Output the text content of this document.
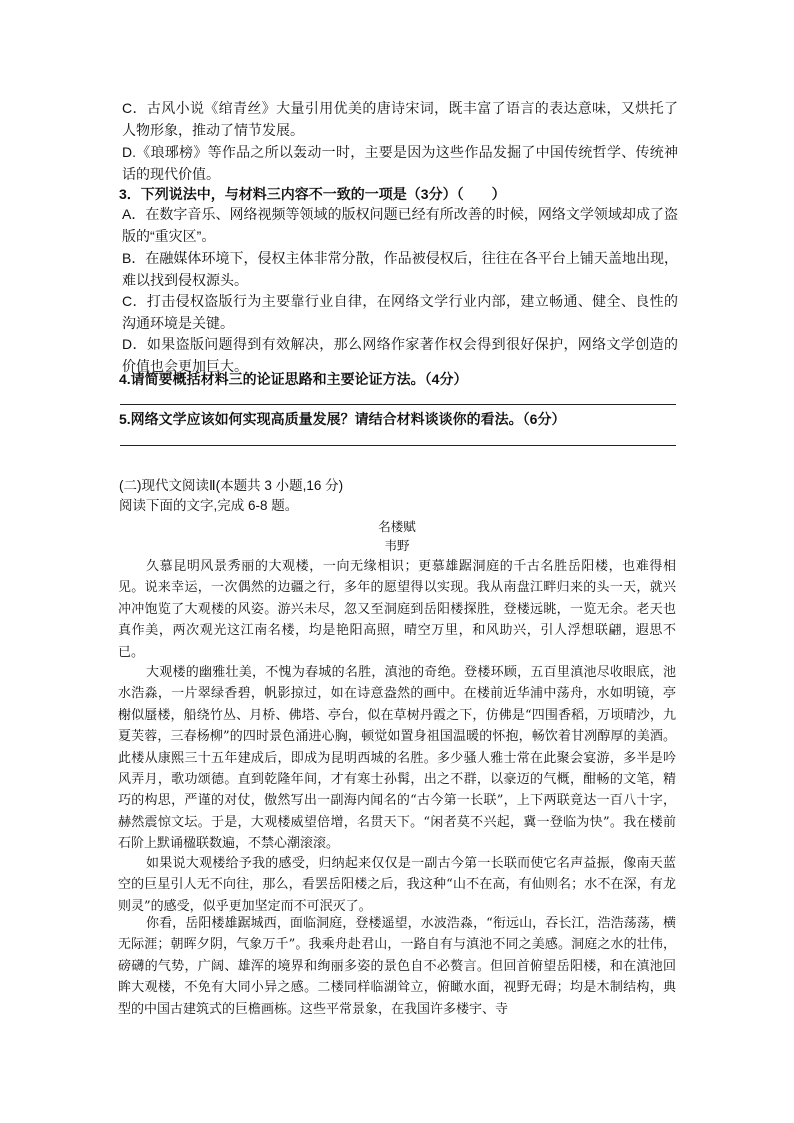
C．古风小说《绾青丝》大量引用优美的唐诗宋词，既丰富了语言的表达意味，又烘托了人物形象，推动了情节发展。

D.《琅琊榜》等作品之所以轰动一时，主要是因为这些作品发掘了中国传统哲学、传统神话的现代价值。

3．下列说法中，与材料三内容不一致的一项是（3分）（　　）

A．在数字音乐、网络视频等领域的版权问题已经有所改善的时候，网络文学领域却成了盗版的“重灾区”。

B．在融媒体环境下，侵权主体非常分散，作品被侵权后，往往在各平台上铺天盖地出现，难以找到侵权源头。

C．打击侵权盗版行为主要靠行业自律，在网络文学行业内部，建立畅通、健全、良性的沟通环境是关键。

D．如果盗版问题得到有效解决，那么网络作家著作权会得到很好保护，网络文学创造的价值也会更加巨大。

4.请简要概括材料三的论证思路和主要论证方法。（4分）

5.网络文学应该如何实现高质量发展？请结合材料谈谈你的看法。（6分）

(二)现代文阅读Ⅱ(本题共 3 小题,16 分)

阅读下面的文字,完成 6-8 题。

名楼赋

韦野

久慕昆明风景秀丽的大观楼，一向无缘相识；更慕雄踞洞庭的千古名胜岳阳楼，也难得相见。说来幸运，一次偶然的边疆之行，多年的愿望得以实现。我从南盘江畔归来的头一天，就兴冲冲饱览了大观楼的风姿。游兴未尽，忽又至洞庭到岳阳楼探胜，登楼远眺，一览无余。老天也真作美，两次观光这江南名楼，均是艳阳高照，晴空万里，和风助兴，引人浮想联翩，遐思不已。

大观楼的幽雅壮美，不愧为春城的名胜，滇池的奇绝。登楼环顾，五百里滇池尽收眼底，池水浩淼，一片翠绿香碧，帆影掠过，如在诗意盎然的画中。在楼前近华浦中荡舟，水如明镜，亭榭似蜃楼，船绕竹丛、月桥、佛塔、亭台，似在草树丹霞之下，仿佛是“四围香稻，万顷晴沙，九夏芙蓉，三春杨柳”的四时景色涌进心胸，顿觉如置身祖国温暖的怀抱，畅饮着甘冽醇厚的美酒。此楼从康熙三十五年建成后，即成为昆明西城的名胜。多少骚人雅士常在此聚会宴游，多半是吟风弄月，歌功颂德。直到乾隆年间，才有寒士孙髯，出之不群，以豪迈的气概，酣畅的文笔，精巧的构思，严谨的对仗，傲然写出一副海内闻名的“古今第一长联”，上下两联竟达一百八十字，赫然震惊文坛。于是，大观楼威望倍增，名贯天下。“闲者莫不兴起，冀一登临为快”。我在楼前石阶上默诵楹联数遍，不禁心潮滚滚。

如果说大观楼给予我的感受，归纳起来仅仅是一副古今第一长联而使它名声益振，像南天蓝空的巨星引人无不向往，那么，看罢岳阳楼之后，我这种“山不在高，有仙则名；水不在深，有龙则灵”的感受，似乎更加坚定而不可泯灭了。

你看，岳阳楼雄踞城西，面临洞庭，登楼遥望，水波浩淼，“衔远山，吞长江，浩浩荡荡，横无际涯；朝晖夕阴，气象万千”。我乘舟赴君山，一路自有与滇池不同之美感。洞庭之水的壮伟，磅礴的气势，广阔、雄浑的境界和绚丽多姿的景色自不必赘言。但回首俯望岳阳楼，和在滇池回眸大观楼，不免有大同小异之感。二楼同样临湖耸立，俯瞰水面，视野无碍；均是木制结构，典型的中国古建筑式的巨檐画栋。这些平常景象，在我国许多楼宇、寺
